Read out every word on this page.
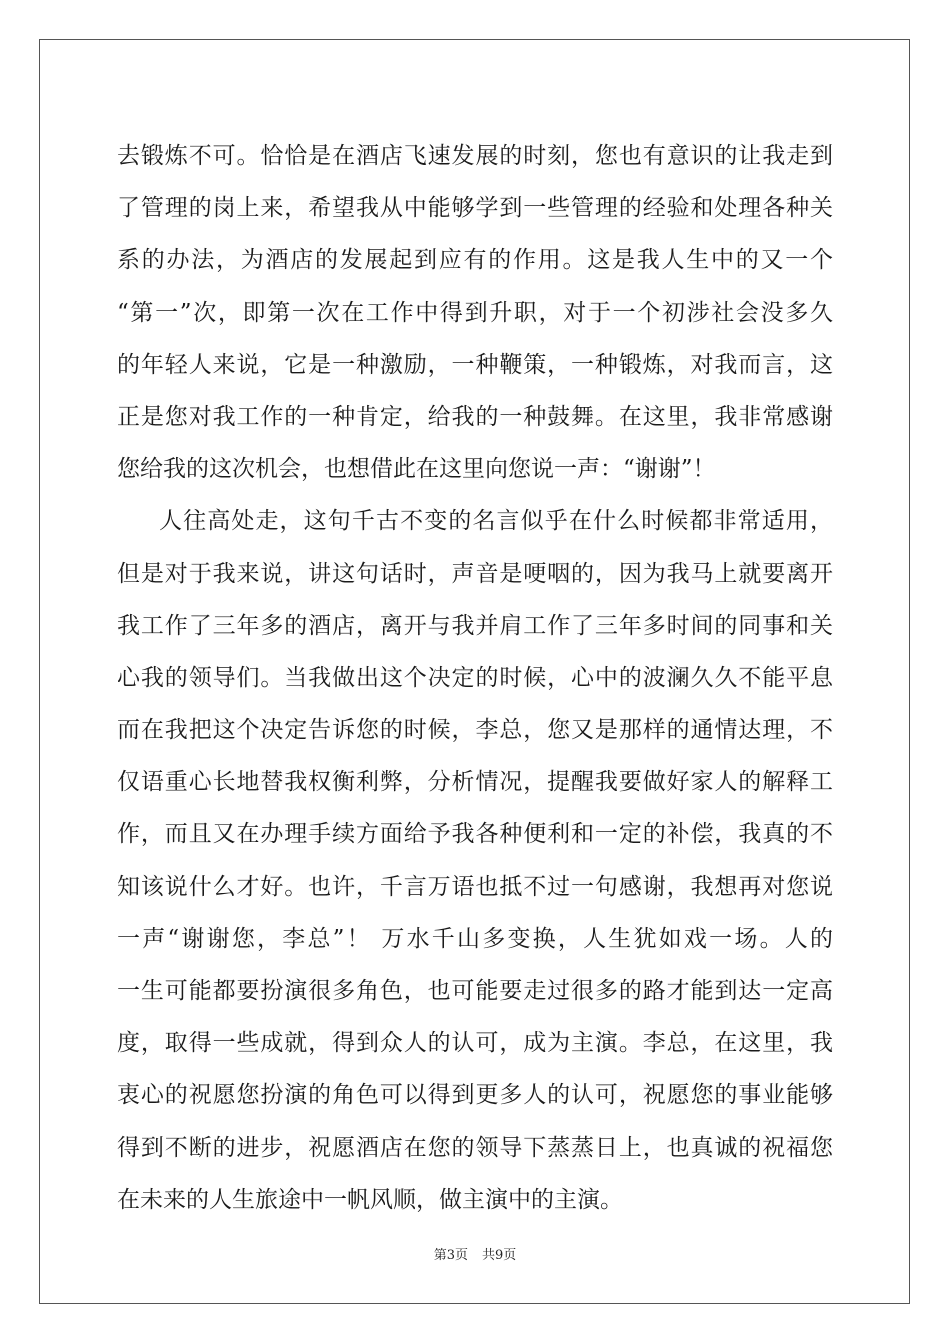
去锻炼不可。恰恰是在酒店飞速发展的时刻，您也有意识的让我走到
了管理的岗上来，希望我从中能够学到一些管理的经验和处理各种关
系的办法，为酒店的发展起到应有的作用。这是我人生中的又一个
“第一”次，即第一次在工作中得到升职，对于一个初涉社会没多久
的年轻人来说，它是一种激励，一种鞭策，一种锻炼，对我而言，这
正是您对我工作的一种肯定，给我的一种鼓舞。在这里，我非常感谢
您给我的这次机会，也想借此在这里向您说一声：“谢谢”！
人往高处走，这句千古不变的名言似乎在什么时候都非常适用，
但是对于我来说，讲这句话时，声音是哽咽的，因为我马上就要离开
我工作了三年多的酒店，离开与我并肩工作了三年多时间的同事和关
心我的领导们。当我做出这个决定的时候，心中的波澜久久不能平息
而在我把这个决定告诉您的时候，李总，您又是那样的通情达理，不
仅语重心长地替我权衡利弊，分析情况，提醒我要做好家人的解释工
作，而且又在办理手续方面给予我各种便利和一定的补偿，我真的不
知该说什么才好。也许，千言万语也抵不过一句感谢，我想再对您说
一声“谢谢您，李总”！ 万水千山多变换，人生犹如戏一场。人的
一生可能都要扮演很多角色，也可能要走过很多的路才能到达一定高
度，取得一些成就，得到众人的认可，成为主演。李总，在这里，我
衷心的祝愿您扮演的角色可以得到更多人的认可，祝愿您的事业能够
得到不断的进步，祝愿酒店在您的领导下蒸蒸日上，也真诚的祝福您
在未来的人生旅途中一帆风顺，做主演中的主演。
第3页 共9页
